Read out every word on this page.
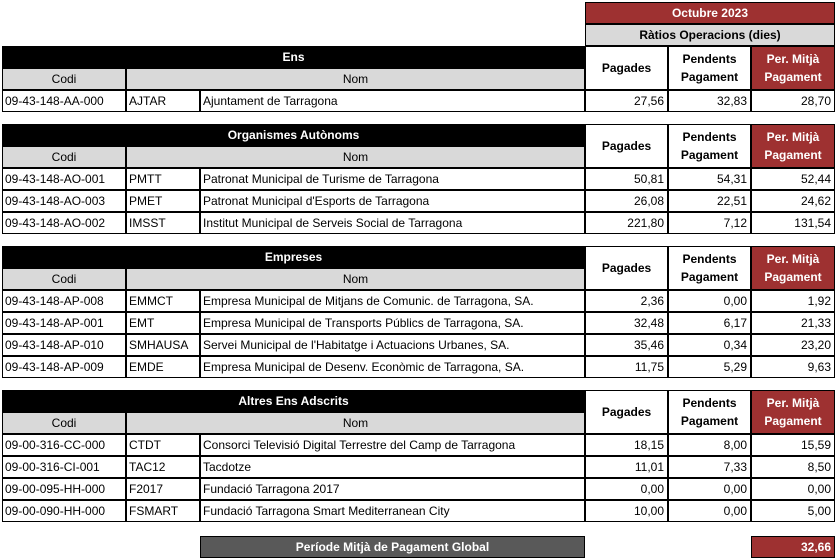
Octubre 2023
Ràtios Operacions (dies)
Ens
Codi	Nom
Pagades
Pendents
Pagament
Per. Mitjà
Pagament
09-43-148-AA-000	AJTAR	Ajuntament de Tarragona	27,56	32,83	28,70
Organismes Autònoms
Codi	Nom
Pagades
Pendents
Pagament
Per. Mitjà
Pagament
09-43-148-AO-001	PMTT	Patronat Municipal de Turisme de Tarragona	50,81	54,31	52,44
09-43-148-AO-003	PMET	Patronat Municipal d'Esports de Tarragona	26,08	22,51	24,62
09-43-148-AO-002	IMSST	Institut Municipal de Serveis Social de Tarragona	221,80	7,12	131,54
Empreses
Codi	Nom
Pagades
Pendents
Pagament
Per. Mitjà
Pagament
09-43-148-AP-008	EMMCT	Empresa Municipal de Mitjans de Comunic. de Tarragona, SA.	2,36	0,00	1,92
09-43-148-AP-001	EMT	Empresa Municipal de Transports Públics de Tarragona, SA.	32,48	6,17	21,33
09-43-148-AP-010	SMHAUSA	Servei Municipal de l'Habitatge i Actuacions Urbanes, SA.	35,46	0,34	23,20
09-43-148-AP-009	EMDE	Empresa Municipal de Desenv. Econòmic de Tarragona, SA.	11,75	5,29	9,63
Altres Ens Adscrits
Codi	Nom
Pagades
Pendents
Pagament
Per. Mitjà
Pagament
09-00-316-CC-000	CTDT	Consorci Televisió Digital Terrestre del Camp de Tarragona	18,15	8,00	15,59
09-00-316-CI-001	TAC12	Tacdotze	11,01	7,33	8,50
09-00-095-HH-000	F2017	Fundació Tarragona 2017	0,00	0,00	0,00
09-00-090-HH-000	FSMART	Fundació Tarragona Smart Mediterranean City	10,00	0,00	5,00
Període Mitjà de Pagament Global	32,66
